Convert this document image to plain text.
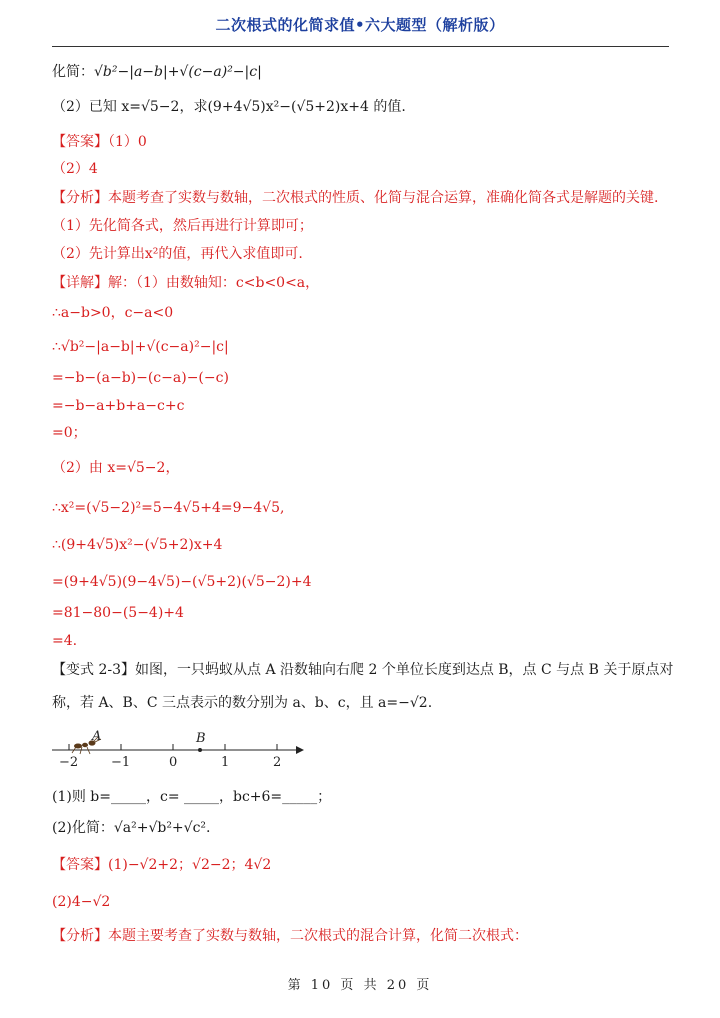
二次根式的化简求值•六大题型（解析版）
化简：√b²−|a−b|+√(c−a)²−|c|
（2）已知 x=√5−2，求(9+4√5)x²−(√5+2)x+4 的值.
【答案】（1）0
（2）4
【分析】本题考查了实数与数轴，二次根式的性质、化简与混合运算，准确化简各式是解题的关键.
（1）先化简各式，然后再进行计算即可；
（2）先计算出x²的值，再代入求值即可.
【详解】解：（1）由数轴知：c<b<0<a，
∴a−b>0，c−a<0
∴√b²−|a−b|+√(c−a)²−|c|
=−b−(a−b)−(c−a)−(−c)
=−b−a+b+a−c+c
=0；
（2）由 x=√5−2，
∴x²=(√5−2)²=5−4√5+4=9−4√5,
∴(9+4√5)x²−(√5+2)x+4
=(9+4√5)(9−4√5)−(√5+2)(√5−2)+4
=81−80−(5−4)+4
=4.
【变式 2-3】如图，一只蚂蚁从点 A 沿数轴向右爬 2 个单位长度到达点 B，点 C 与点 B 关于原点对
称，若 A、B、C 三点表示的数分别为 a、b、c，且 a=−√2.
A	B
−2	−1	0	1	2
(1)则 b=_____，c= _____，bc+6=_____；
(2)化简：√a²+√b²+√c².
【答案】(1)−√2+2；√2−2；4√2
(2)4−√2
【分析】本题主要考查了实数与数轴，二次根式的混合计算，化简二次根式：
第 10 页 共 20 页
